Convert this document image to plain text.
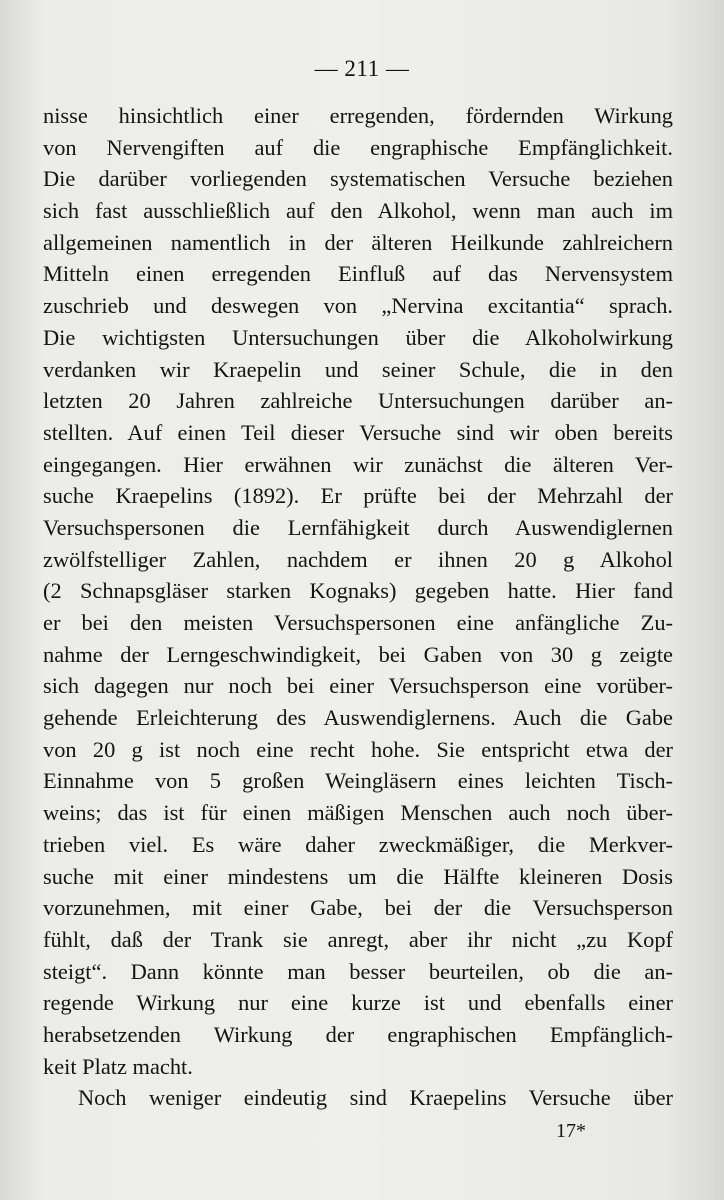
— 211 —
nisse hinsichtlich einer erregenden, fördernden Wirkung
von Nervengiften auf die engraphische Empfänglichkeit.
Die darüber vorliegenden systematischen Versuche beziehen
sich fast ausschließlich auf den Alkohol, wenn man auch im
allgemeinen namentlich in der älteren Heilkunde zahlreichern
Mitteln einen erregenden Einfluß auf das Nervensystem
zuschrieb und deswegen von „Nervina excitantia“ sprach.
Die wichtigsten Untersuchungen über die Alkoholwirkung
verdanken wir Kraepelin und seiner Schule, die in den
letzten 20 Jahren zahlreiche Untersuchungen darüber an-
stellten. Auf einen Teil dieser Versuche sind wir oben bereits
eingegangen. Hier erwähnen wir zunächst die älteren Ver-
suche Kraepelins (1892). Er prüfte bei der Mehrzahl der
Versuchspersonen die Lernfähigkeit durch Auswendiglernen
zwölfstelliger Zahlen, nachdem er ihnen 20 g Alkohol
(2 Schnapsgläser starken Kognaks) gegeben hatte. Hier fand
er bei den meisten Versuchspersonen eine anfängliche Zu-
nahme der Lerngeschwindigkeit, bei Gaben von 30 g zeigte
sich dagegen nur noch bei einer Versuchsperson eine vorüber-
gehende Erleichterung des Auswendiglernens. Auch die Gabe
von 20 g ist noch eine recht hohe. Sie entspricht etwa der
Einnahme von 5 großen Weingläsern eines leichten Tisch-
weins; das ist für einen mäßigen Menschen auch noch über-
trieben viel. Es wäre daher zweckmäßiger, die Merkver-
suche mit einer mindestens um die Hälfte kleineren Dosis
vorzunehmen, mit einer Gabe, bei der die Versuchsperson
fühlt, daß der Trank sie anregt, aber ihr nicht „zu Kopf
steigt“. Dann könnte man besser beurteilen, ob die an-
regende Wirkung nur eine kurze ist und ebenfalls einer
herabsetzenden Wirkung der engraphischen Empfänglich-
keit Platz macht.
Noch weniger eindeutig sind Kraepelins Versuche über
17*
